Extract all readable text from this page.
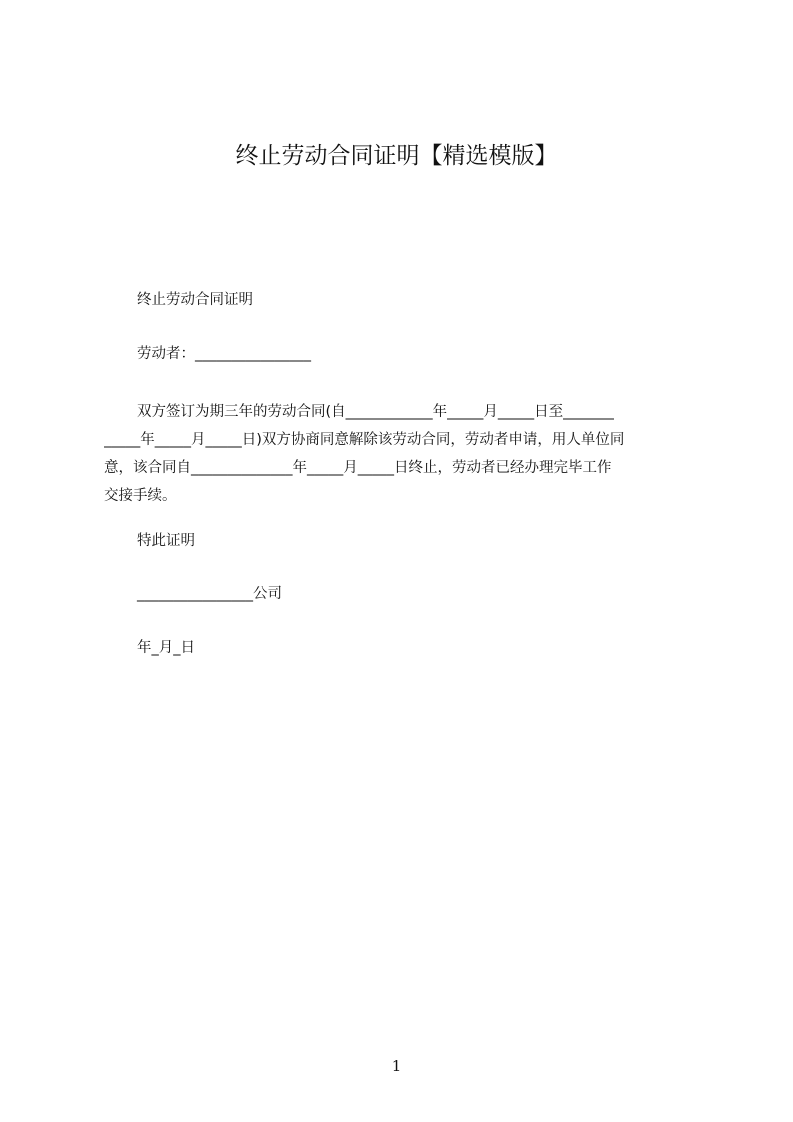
终止劳动合同证明【精选模版】
终止劳动合同证明
劳动者：________________
双方签订为期三年的劳动合同(自____________年_____月_____日至_______
_____年_____月_____日)双方协商同意解除该劳动合同，劳动者申请，用人单位同
意，该合同自______________年_____月_____日终止，劳动者已经办理完毕工作
交接手续。
特此证明
________________公司
年_月_日
1
